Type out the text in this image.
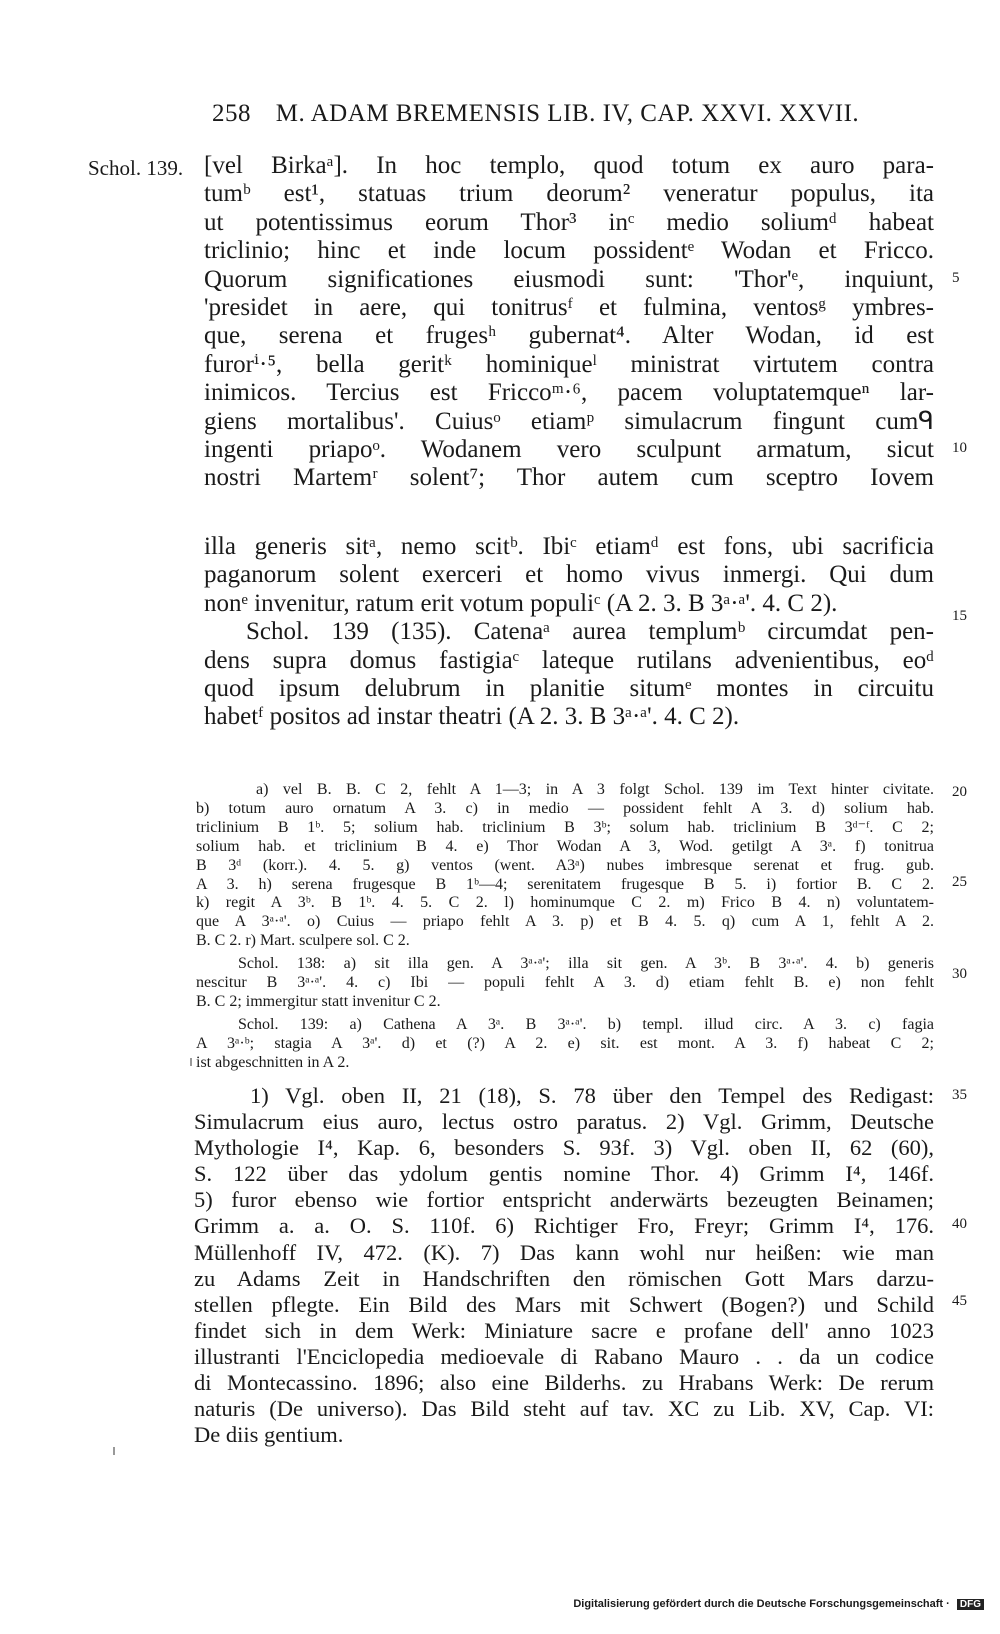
258 M. ADAM BREMENSIS LIB. IV, CAP. XXVI. XXVII.
Schol. 139. [vel Birkaᵃ]. In hoc templo, quod totum ex auro para-
tumᵇ est¹, statuas trium deorum² veneratur populus, ita
ut potentissimus eorum Thor³ inᶜ medio soliumᵈ habeat
triclinio; hinc et inde locum possidentᵉ Wodan et Fricco.
Quorum significationes eiusmodi sunt: 'Thor'ᵉ, inquiunt,
'presidet in aere, qui tonitrusᶠ et fulmina, ventosᵍ ymbres-
que, serena et frugesʰ gubernat⁴. Alter Wodan, id est
furorⁱ·⁵, bella geritᵏ hominiqueˡ ministrat virtutem contra
inimicos. Tercius est Friccoᵐ·⁶, pacem voluptatemqueⁿ lar-
giens mortalibus'. Cuiusᵒ etiamᵖ simulacrum fingunt cumᑫ
ingenti priapoᵒ. Wodanem vero sculpunt armatum, sicut
nostri Martemʳ solent⁷; Thor autem cum sceptro Iovem
illa generis sitᵃ, nemo scitᵇ. Ibiᶜ etiamᵈ est fons, ubi sacrificia
paganorum solent exerceri et homo vivus inmergi. Qui dum
nonᵉ invenitur, ratum erit votum populiᶜ (A 2. 3. B 3ᵃ·ᵃ'. 4. C 2).
Schol. 139 (135). Catenaᵃ aurea templumᵇ circumdat pen-
dens supra domus fastigiaᶜ lateque rutilans advenientibus, eoᵈ
quod ipsum delubrum in planitie situmᵉ montes in circuitu
habetᶠ positos ad instar theatri (A 2. 3. B 3ᵃ·ᵃ'. 4. C 2).
a) vel B. B. C 2, fehlt A 1—3; in A 3 folgt Schol. 139 im Text hinter civitate.
b) totum auro ornatum A 3. c) in medio — possident fehlt A 3. d) solium hab.
triclinium B 1ᵇ. 5; solium hab. triclinium B 3ᵇ; solum hab. triclinium B 3ᵈ⁻ᶠ. C 2;
solium hab. et triclinium B 4. e) Thor Wodan A 3, Wod. getilgt A 3ᵃ. f) tonitrua
B 3ᵈ (korr.). 4. 5. g) ventos (went. A3ᵃ) nubes imbresque serenat et frug. gub.
A 3. h) serena frugesque B 1ᵇ—4; serenitatem frugesque B 5. i) fortior B. C 2.
k) regit A 3ᵇ. B 1ᵇ. 4. 5. C 2. l) hominumque C 2. m) Frico B 4. n) voluntatem-
que A 3ᵃ·ᵃ'. o) Cuius — priapo fehlt A 3. p) et B 4. 5. q) cum A 1, fehlt A 2.
B. C 2. r) Mart. sculpere sol. C 2.
Schol. 138: a) sit illa gen. A 3ᵃ·ᵃ'; illa sit gen. A 3ᵇ. B 3ᵃ·ᵃ'. 4. b) generis
nescitur B 3ᵃ·ᵃ'. 4. c) Ibi — populi fehlt A 3. d) etiam fehlt B. e) non fehlt
B. C 2; immergitur statt invenitur C 2.
Schol. 139: a) Cathena A 3ᵃ. B 3ᵃ·ᵃ'. b) templ. illud circ. A 3. c) fagia
A 3ᵃ·ᵇ; stagia A 3ᵃ'. d) et (?) A 2. e) sit. est mont. A 3. f) habeat C 2;
ist abgeschnitten in A 2.
1) Vgl. oben II, 21 (18), S. 78 über den Tempel des Redigast:
Simulacrum eius auro, lectus ostro paratus. 2) Vgl. Grimm, Deutsche
Mythologie I⁴, Kap. 6, besonders S. 93f. 3) Vgl. oben II, 62 (60),
S. 122 über das ydolum gentis nomine Thor. 4) Grimm I⁴, 146f.
5) furor ebenso wie fortior entspricht anderwärts bezeugten Beinamen;
Grimm a. a. O. S. 110f. 6) Richtiger Fro, Freyr; Grimm I⁴, 176.
Müllenhoff IV, 472. (K). 7) Das kann wohl nur heißen: wie man
zu Adams Zeit in Handschriften den römischen Gott Mars darzu-
stellen pflegte. Ein Bild des Mars mit Schwert (Bogen?) und Schild
findet sich in dem Werk: Miniature sacre e profane dell' anno 1023
illustranti l'Enciclopedia medioevale di Rabano Mauro . . da un codice
di Montecassino. 1896; also eine Bilderhs. zu Hrabans Werk: De rerum
naturis (De universo). Das Bild steht auf tav. XC zu Lib. XV, Cap. VI:
De diis gentium.
5
10
15
20
25
30
35
40
45
Digitalisierung gefördert durch die Deutsche Forschungsgemeinschaft · DFG
